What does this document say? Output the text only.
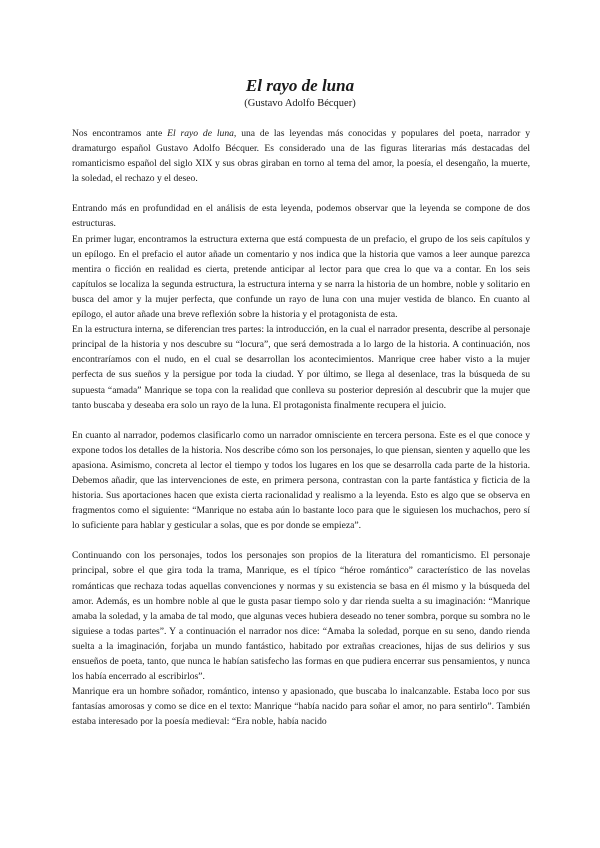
El rayo de luna
(Gustavo Adolfo Bécquer)

Nos encontramos ante El rayo de luna, una de las leyendas más conocidas y populares del poeta, narrador y dramaturgo español Gustavo Adolfo Bécquer. Es considerado una de las figuras literarias más destacadas del romanticismo español del siglo XIX y sus obras giraban en torno al tema del amor, la poesía, el desengaño, la muerte, la soledad, el rechazo y el deseo.

Entrando más en profundidad en el análisis de esta leyenda, podemos observar que la leyenda se compone de dos estructuras.

En primer lugar, encontramos la estructura externa que está compuesta de un prefacio, el grupo de los seis capítulos y un epílogo. En el prefacio el autor añade un comentario y nos indica que la historia que vamos a leer aunque parezca mentira o ficción en realidad es cierta, pretende anticipar al lector para que crea lo que va a contar. En los seis capítulos se localiza la segunda estructura, la estructura interna y se narra la historia de un hombre, noble y solitario en busca del amor y la mujer perfecta, que confunde un rayo de luna con una mujer vestida de blanco. En cuanto al epílogo, el autor añade una breve reflexión sobre la historia y el protagonista de esta.

En la estructura interna, se diferencian tres partes: la introducción, en la cual el narrador presenta, describe al personaje principal de la historia y nos descubre su “locura”, que será demostrada a lo largo de la historia. A continuación, nos encontraríamos con el nudo, en el cual se desarrollan los acontecimientos. Manrique cree haber visto a la mujer perfecta de sus sueños y la persigue por toda la ciudad. Y por último, se llega al desenlace, tras la búsqueda de su supuesta “amada” Manrique se topa con la realidad que conlleva su posterior depresión al descubrir que la mujer que tanto buscaba y deseaba era solo un rayo de la luna. El protagonista finalmente recupera el juicio.

En cuanto al narrador, podemos clasificarlo como un narrador omnisciente en tercera persona. Este es el que conoce y expone todos los detalles de la historia. Nos describe cómo son los personajes, lo que piensan, sienten y aquello que les apasiona. Asimismo, concreta al lector el tiempo y todos los lugares en los que se desarrolla cada parte de la historia. Debemos añadir, que las intervenciones de este, en primera persona, contrastan con la parte fantástica y ficticia de la historia. Sus aportaciones hacen que exista cierta racionalidad y realismo a la leyenda. Esto es algo que se observa en fragmentos como el siguiente: “Manrique no estaba aún lo bastante loco para que le siguiesen los muchachos, pero sí lo suficiente para hablar y gesticular a solas, que es por donde se empieza”.

Continuando con los personajes, todos los personajes son propios de la literatura del romanticismo. El personaje principal, sobre el que gira toda la trama, Manrique, es el típico “héroe romántico” característico de las novelas románticas que rechaza todas aquellas convenciones y normas y su existencia se basa en él mismo y la búsqueda del amor. Además, es un hombre noble al que le gusta pasar tiempo solo y dar rienda suelta a su imaginación: “Manrique amaba la soledad, y la amaba de tal modo, que algunas veces hubiera deseado no tener sombra, porque su sombra no le siguiese a todas partes”. Y a continuación el narrador nos dice: “Amaba la soledad, porque en su seno, dando rienda suelta a la imaginación, forjaba un mundo fantástico, habitado por extrañas creaciones, hijas de sus delirios y sus ensueños de poeta, tanto, que nunca le habían satisfecho las formas en que pudiera encerrar sus pensamientos, y nunca los había encerrado al escribirlos”.

Manrique era un hombre soñador, romántico, intenso y apasionado, que buscaba lo inalcanzable. Estaba loco por sus fantasías amorosas y como se dice en el texto: Manrique “había nacido para soñar el amor, no para sentirlo”. También estaba interesado por la poesía medieval: “Era noble, había nacido
